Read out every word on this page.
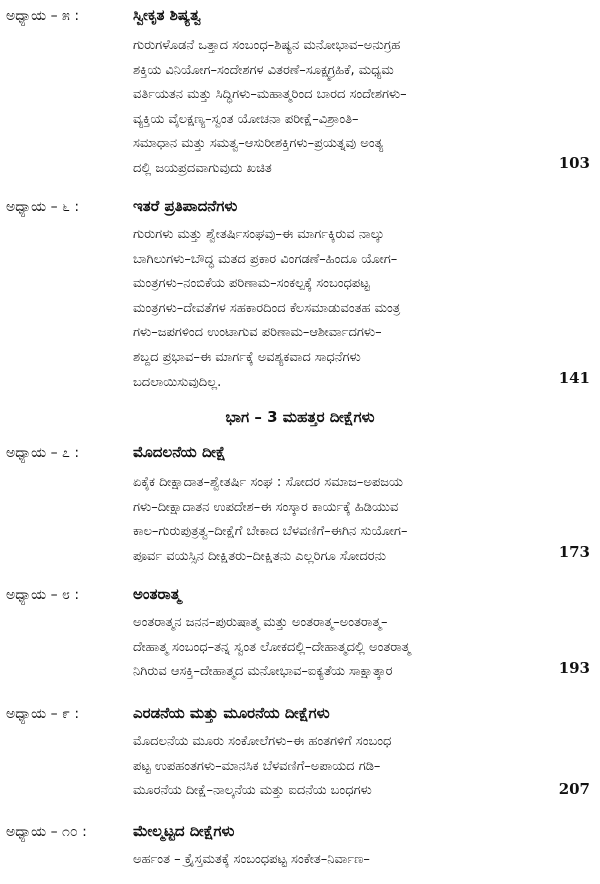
ಅಧ್ಯಾಯ – ೫ :	ಸ್ವೀಕೃತ ಶಿಷ್ಯತ್ವ
ಗುರುಗಳೊಡನೆ ಒತ್ತಾದ ಸಂಬಂಧ–ಶಿಷ್ಯನ ಮನೋಭಾವ–ಅನುಗ್ರಹ
ಶಕ್ತಿಯ ವಿನಿಯೋಗ–ಸಂದೇಶಗಳ ವಿತರಣೆ–ಸೂಕ್ಷ್ಮಗ್ರಹಿಕೆ, ಮಧ್ಯಮ
ವರ್ತಿಯತನ ಮತ್ತು ಸಿದ್ಧಿಗಳು–ಮಹಾತ್ಮರಿಂದ ಬಾರದ ಸಂದೇಶಗಳು–
ವ್ಯಕ್ತಿಯ ವೈಲಕ್ಷಣ್ಯ–ಸ್ವಂತ ಯೋಚನಾ ಪರೀಕ್ಷೆ–ವಿಶ್ರಾಂತಿ–
ಸಮಾಧಾನ ಮತ್ತು ಸಮತ್ವ–ಆಸುರೀಶಕ್ತಿಗಳು–ಪ್ರಯತ್ನವು ಅಂತ್ಯ
ದಲ್ಲಿ ಜಯಪ್ರದವಾಗುವುದು ಖಚಿತ	103
ಅಧ್ಯಾಯ – ೬ :	ಇತರೆ ಪ್ರತಿಪಾದನೆಗಳು
ಗುರುಗಳು ಮತ್ತು ಶ್ವೇತರ್ಷಿಸಂಘವು–ಈ ಮಾರ್ಗಕ್ಕಿರುವ ನಾಲ್ಕು
ಬಾಗಿಲುಗಳು–ಬೌದ್ಧ ಮತದ ಪ್ರಕಾರ ವಿಂಗಡಣೆ–ಹಿಂದೂ ಯೋಗ–
ಮಂತ್ರಗಳು–ನಂಬಿಕೆಯ ಪರಿಣಾಮ–ಸಂಕಲ್ಪಕ್ಕೆ ಸಂಬಂಧಪಟ್ಟ
ಮಂತ್ರಗಳು–ದೇವತೆಗಳ ಸಹಕಾರದಿಂದ ಕೆಲಸಮಾಡುವಂತಹ ಮಂತ್ರ
ಗಳು–ಜಪಗಳಿಂದ ಉಂಟಾಗುವ ಪರಿಣಾಮ–ಆಶೀರ್ವಾದಗಳು–
ಶಬ್ದದ ಪ್ರಭಾವ–ಈ ಮಾರ್ಗಕ್ಕೆ ಅವಶ್ಯಕವಾದ ಸಾಧನೆಗಳು
ಬದಲಾಯಿಸುವುದಿಲ್ಲ.	141
ಭಾಗ – 3 ಮಹತ್ತರ ದೀಕ್ಷೆಗಳು
ಅಧ್ಯಾಯ – ೭ :	ಮೊದಲನೆಯ ದೀಕ್ಷೆ
ಏಕೈಕ ದೀಕ್ಷಾದಾತ–ಶ್ವೇತರ್ಷಿ ಸಂಘ : ಸೋದರ ಸಮಾಜ–ಅಪಜಯ
ಗಳು–ದೀಕ್ಷಾದಾತನ ಉಪದೇಶ–ಈ ಸಂಸ್ಕಾರ ಕಾರ್ಯಕ್ಕೆ ಹಿಡಿಯುವ
ಕಾಲ–ಗುರುಪುತ್ರತ್ವ–ದೀಕ್ಷೆಗೆ ಬೇಕಾದ ಬೆಳವಣಿಗೆ–ಈಗಿನ ಸುಯೋಗ–
ಪೂರ್ವ ವಯಸ್ಸಿನ ದೀಕ್ಷಿತರು–ದೀಕ್ಷಿತನು ಎಲ್ಲರಿಗೂ ಸೋದರನು	173
ಅಧ್ಯಾಯ – ೮ :	ಅಂತರಾತ್ಮ
ಅಂತರಾತ್ಮನ ಜನನ–ಪುರುಷಾತ್ಮ ಮತ್ತು ಅಂತರಾತ್ಮ–ಅಂತರಾತ್ಮ–
ದೇಹಾತ್ಮ ಸಂಬಂಧ–ತನ್ನ ಸ್ವಂತ ಲೋಕದಲ್ಲಿ–ದೇಹಾತ್ಮದಲ್ಲಿ ಅಂತರಾತ್ಮ
ನಿಗಿರುವ ಆಸಕ್ತಿ–ದೇಹಾತ್ಮದ ಮನೋಭಾವ–ಐಕ್ಯತೆಯ ಸಾಕ್ಷಾತ್ಕಾರ	193
ಅಧ್ಯಾಯ – ೯ :	ಎರಡನೆಯ ಮತ್ತು ಮೂರನೆಯ ದೀಕ್ಷೆಗಳು
ಮೊದಲನೆಯ ಮೂರು ಸಂಕೋಲೆಗಳು–ಈ ಹಂತಗಳಿಗೆ ಸಂಬಂಧ
ಪಟ್ಟ ಉಪಹಂತಗಳು–ಮಾನಸಿಕ ಬೆಳವಣಿಗೆ–ಅಪಾಯದ ಗಡಿ–
ಮೂರನೆಯ ದೀಕ್ಷೆ–ನಾಲ್ಕನೆಯ ಮತ್ತು ಐದನೆಯ ಬಂಧಗಳು	207
ಅಧ್ಯಾಯ – ೧೦ :	ಮೇಲ್ಮಟ್ಟದ ದೀಕ್ಷೆಗಳು
ಅರ್ಹಂತ – ಕ್ರೈಸ್ತಮತಕ್ಕೆ ಸಂಬಂಧಪಟ್ಟ ಸಂಕೇತ–ನಿರ್ವಾಣ–
